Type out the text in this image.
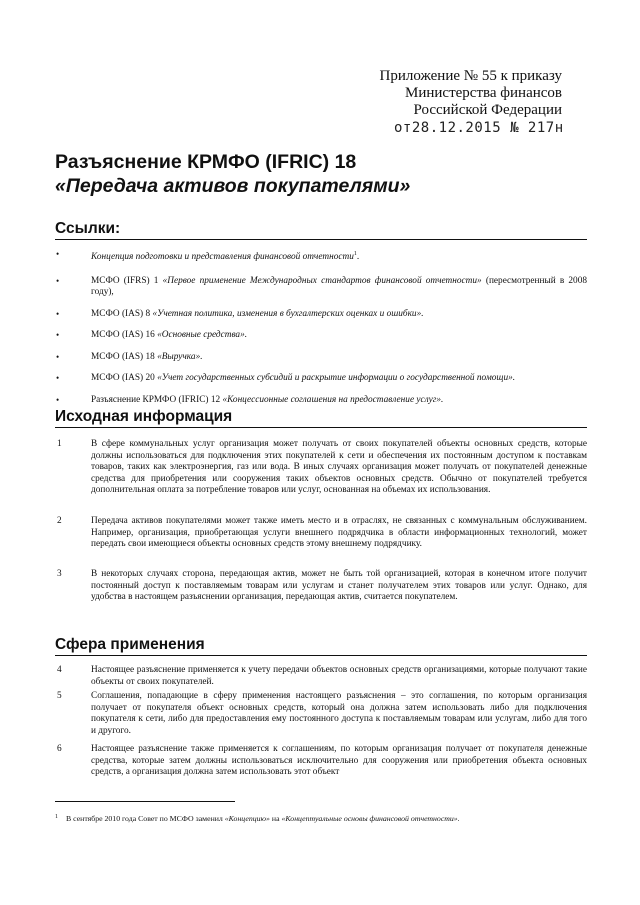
Приложение № 55 к приказу
Министерства финансов
Российской Федерации
от28.12.2015 № 217н
Разъяснение КРМФО (IFRIC) 18
«Передача активов покупателями»
Ссылки:
•	Концепция подготовки и представления финансовой отчетности$^1$.
•	МСФО (IFRS) 1 «Первое применение Международных стандартов финансовой отчетности» (пересмотренный в 2008 году),
•	МСФО (IAS) 8 «Учетная политика, изменения в бухгалтерских оценках и ошибки».
•	МСФО (IAS) 16 «Основные средства».
•	МСФО (IAS) 18 «Выручка».
•	МСФО (IAS) 20 «Учет государственных субсидий и раскрытие информации о государственной помощи».
•	Разъяснение КРМФО (IFRIC) 12 «Концессионные соглашения на предоставление услуг».
Исходная информация
1	В сфере коммунальных услуг организация может получать от своих покупателей объекты основных средств, которые должны использоваться для подключения этих покупателей к сети и обеспечения их постоянным доступом к поставкам товаров, таких как электроэнергия, газ или вода. В иных случаях организация может получать от покупателей денежные средства для приобретения или сооружения таких объектов основных средств. Обычно от покупателей требуется дополнительная оплата за потребление товаров или услуг, основанная на объемах их использования.
2	Передача активов покупателями может также иметь место и в отраслях, не связанных с коммунальным обслуживанием. Например, организация, приобретающая услуги внешнего подрядчика в области информационных технологий, может передать свои имеющиеся объекты основных средств этому внешнему подрядчику.
3	В некоторых случаях сторона, передающая актив, может не быть той организацией, которая в конечном итоге получит постоянный доступ к поставляемым товарам или услугам и станет получателем этих товаров или услуг. Однако, для удобства в настоящем разъяснении организация, передающая актив, считается покупателем.
Сфера применения
4	Настоящее разъяснение применяется к учету передачи объектов основных средств организациями, которые получают такие объекты от своих покупателей.
5	Соглашения, попадающие в сферу применения настоящего разъяснения – это соглашения, по которым организация получает от покупателя объект основных средств, который она должна затем использовать либо для подключения покупателя к сети, либо для предоставления ему постоянного доступа к поставляемым товарам или услугам, либо для того и другого.
6	Настоящее разъяснение также применяется к соглашениям, по которым организация получает от покупателя денежные средства, которые затем должны использоваться исключительно для сооружения или приобретения объекта основных средств, а организация должна затем использовать этот объект
1 В сентябре 2010 года Совет по МСФО заменил «Концепцию» на «Концептуальные основы финансовой отчетности».
